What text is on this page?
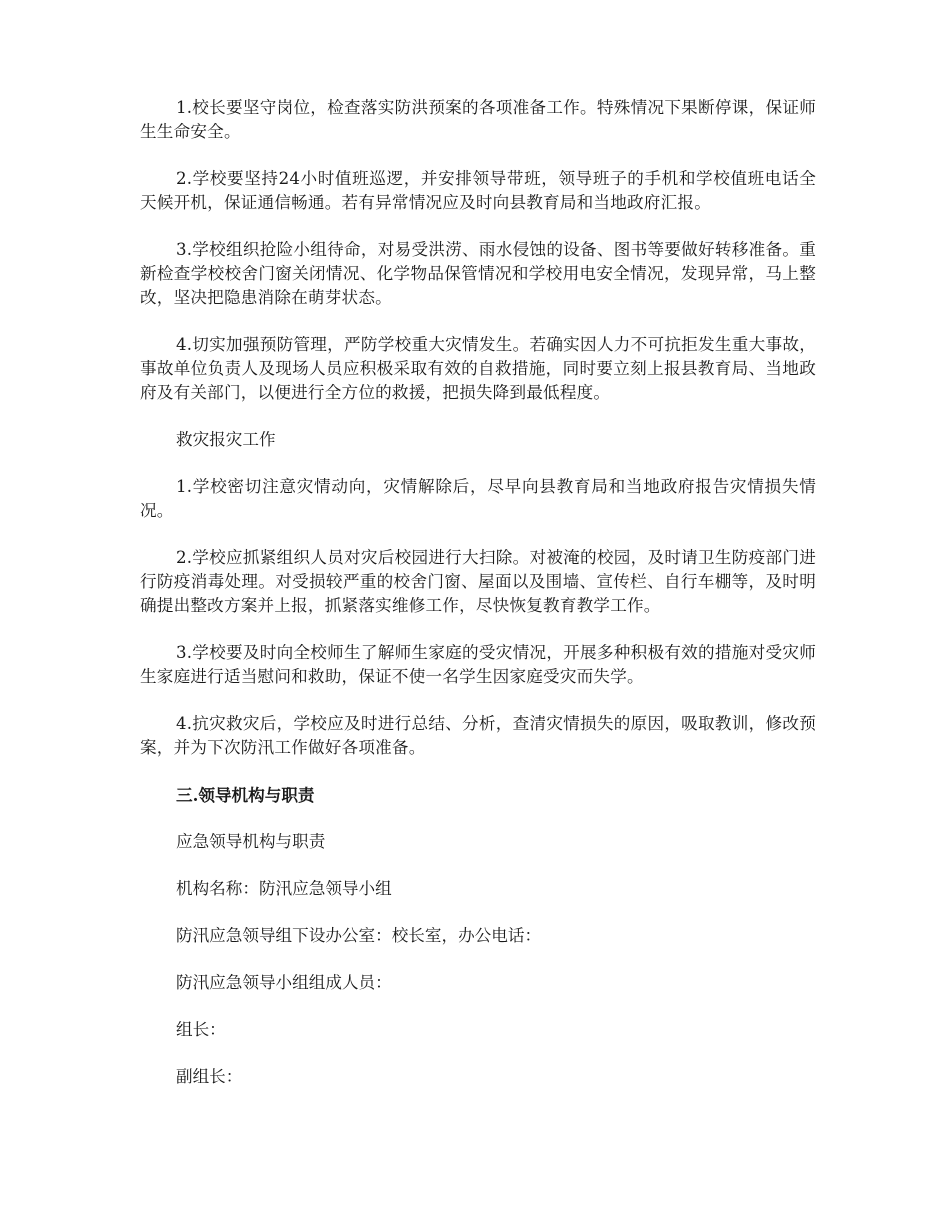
1.校长要坚守岗位，检查落实防洪预案的各项准备工作。特殊情况下果断停课，保证师生生命安全。

2.学校要坚持24小时值班巡逻，并安排领导带班，领导班子的手机和学校值班电话全天候开机，保证通信畅通。若有异常情况应及时向县教育局和当地政府汇报。

3.学校组织抢险小组待命，对易受洪涝、雨水侵蚀的设备、图书等要做好转移准备。重新检查学校校舍门窗关闭情况、化学物品保管情况和学校用电安全情况，发现异常，马上整改，坚决把隐患消除在萌芽状态。

4.切实加强预防管理，严防学校重大灾情发生。若确实因人力不可抗拒发生重大事故，事故单位负责人及现场人员应积极采取有效的自救措施，同时要立刻上报县教育局、当地政府及有关部门，以便进行全方位的救援，把损失降到最低程度。

救灾报灾工作

1.学校密切注意灾情动向，灾情解除后，尽早向县教育局和当地政府报告灾情损失情况。

2.学校应抓紧组织人员对灾后校园进行大扫除。对被淹的校园，及时请卫生防疫部门进行防疫消毒处理。对受损较严重的校舍门窗、屋面以及围墙、宣传栏、自行车棚等，及时明确提出整改方案并上报，抓紧落实维修工作，尽快恢复教育教学工作。

3.学校要及时向全校师生了解师生家庭的受灾情况，开展多种积极有效的措施对受灾师生家庭进行适当慰问和救助，保证不使一名学生因家庭受灾而失学。

4.抗灾救灾后，学校应及时进行总结、分析，查清灾情损失的原因，吸取教训，修改预案，并为下次防汛工作做好各项准备。

三.领导机构与职责

应急领导机构与职责

机构名称：防汛应急领导小组

防汛应急领导组下设办公室：校长室，办公电话：

防汛应急领导小组组成人员：

组长：

副组长：
